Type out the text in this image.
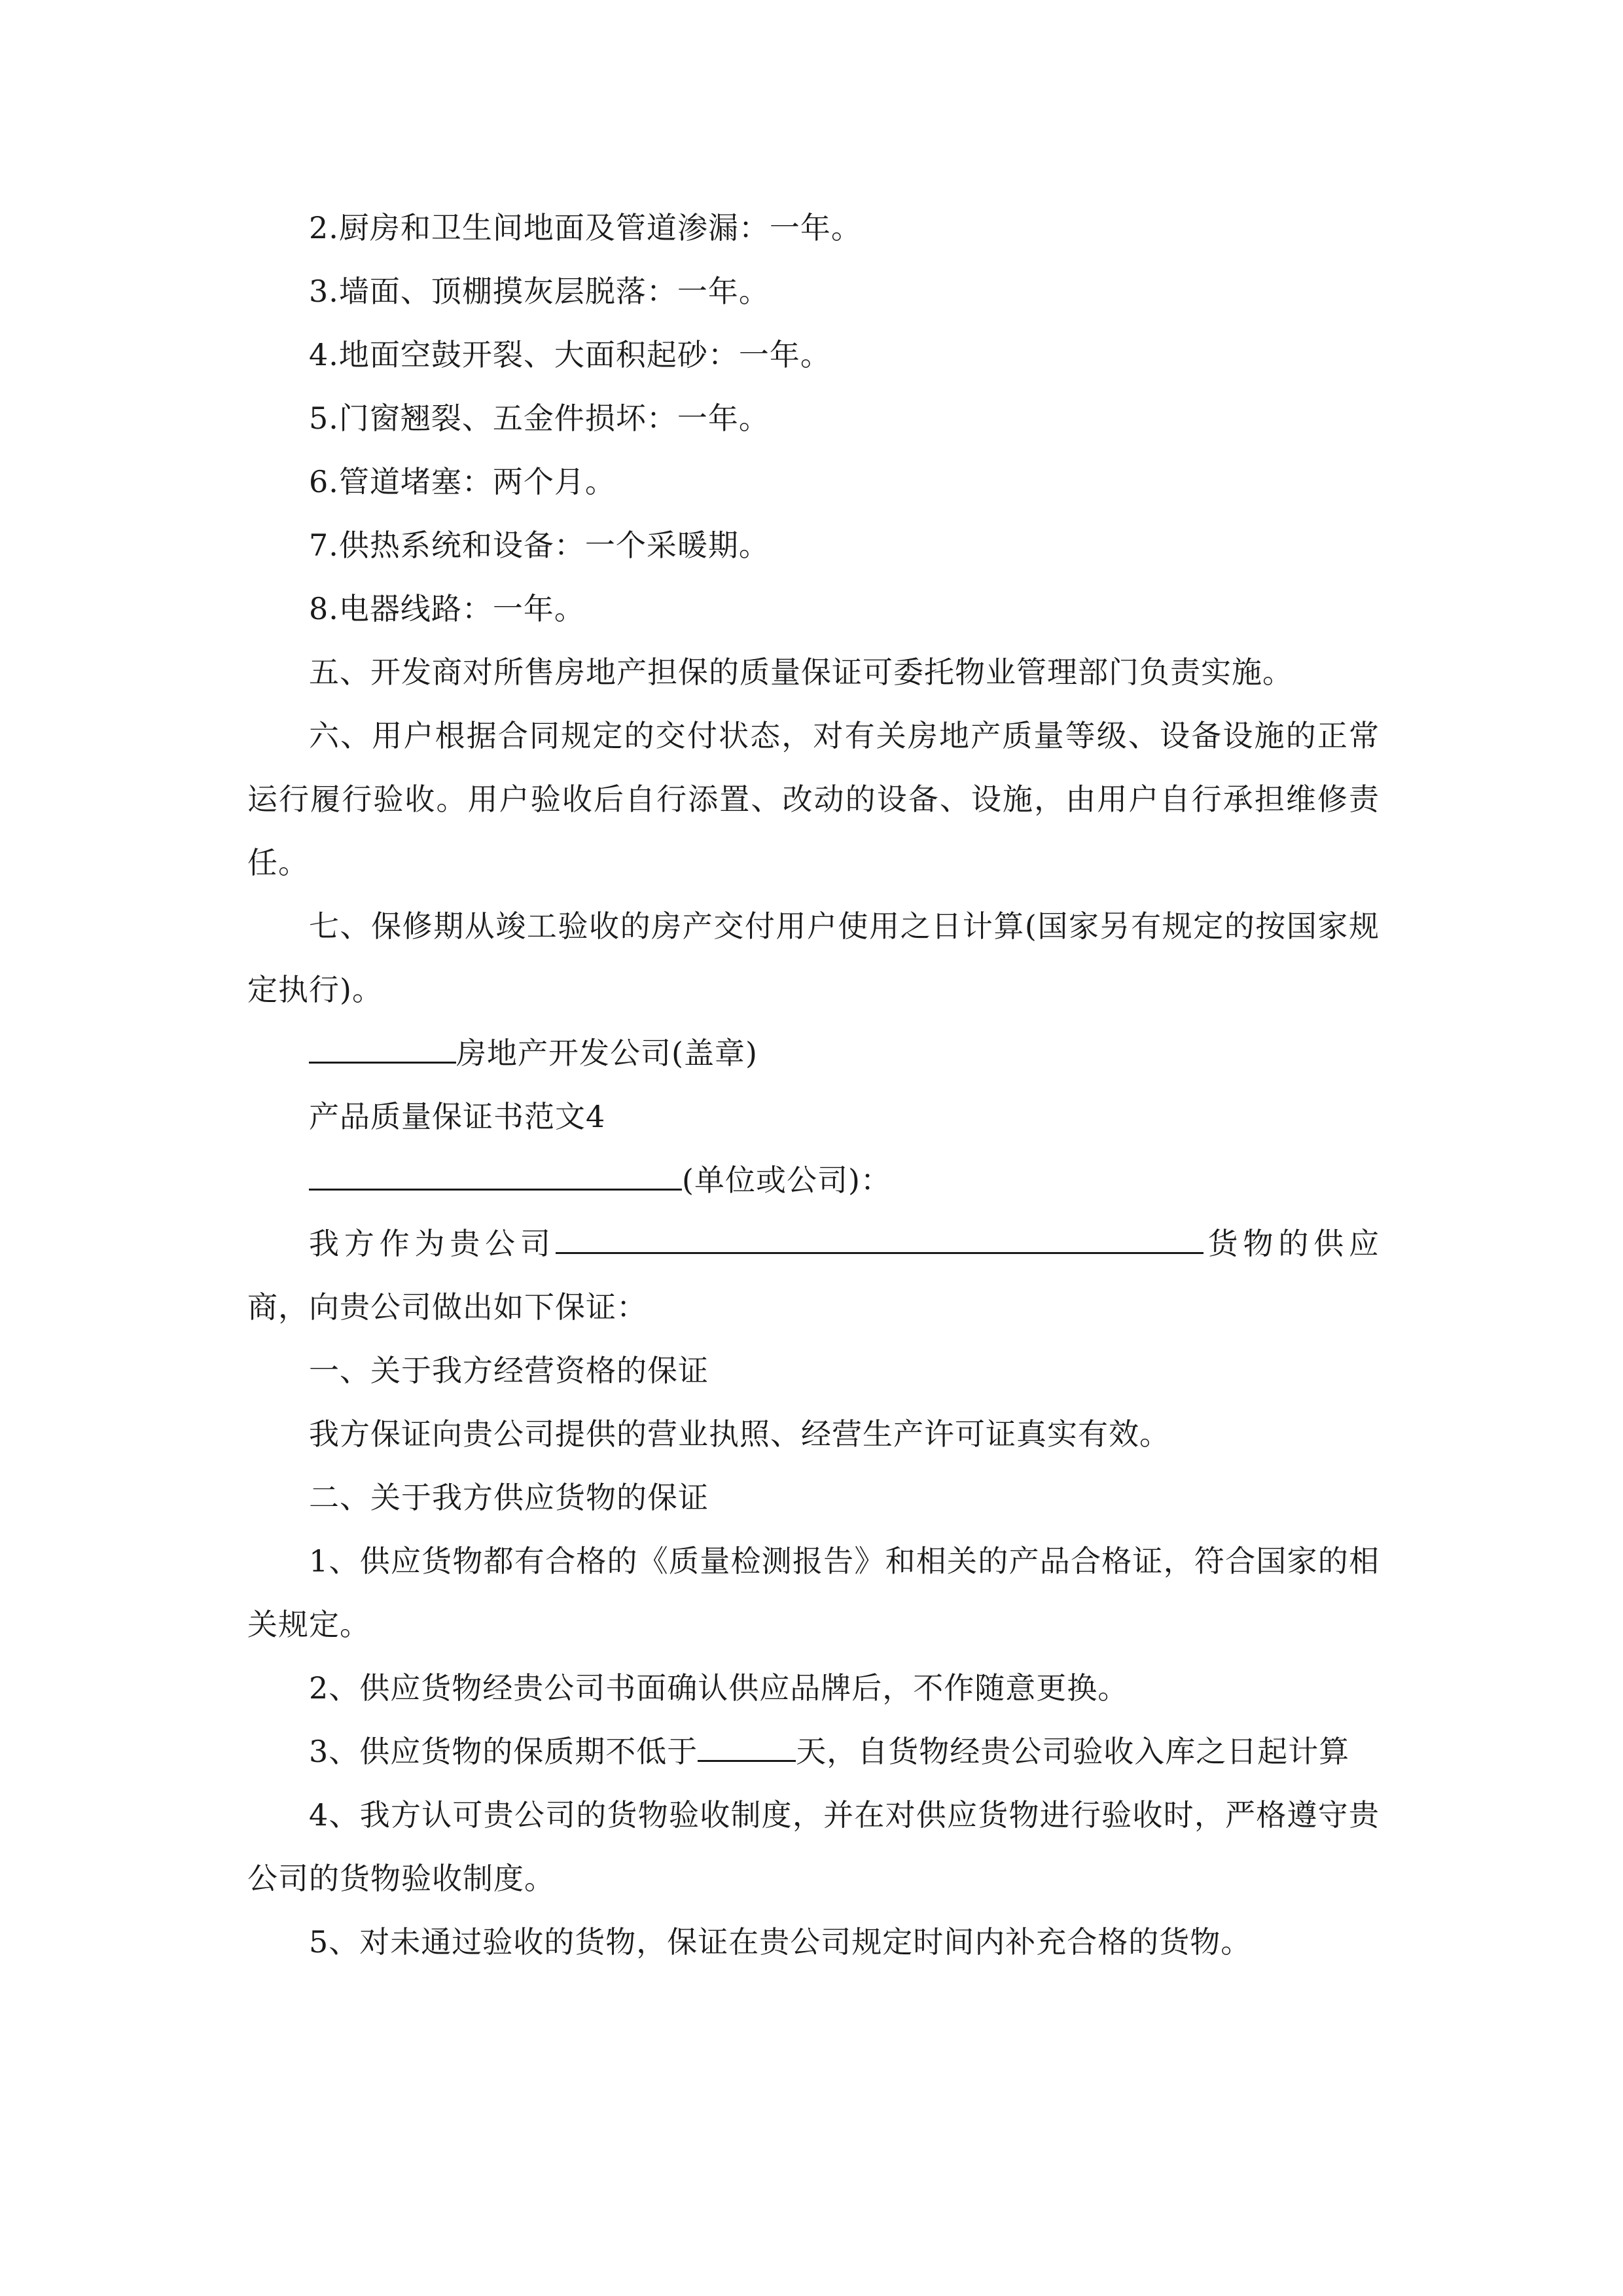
2.厨房和卫生间地面及管道渗漏：一年。

3.墙面、顶棚摸灰层脱落：一年。

4.地面空鼓开裂、大面积起砂：一年。

5.门窗翘裂、五金件损坏：一年。

6.管道堵塞：两个月。

7.供热系统和设备：一个采暖期。

8.电器线路：一年。

五、开发商对所售房地产担保的质量保证可委托物业管理部门负责实施。

六、用户根据合同规定的交付状态，对有关房地产质量等级、设备设施的正常运行履行验收。用户验收后自行添置、改动的设备、设施，由用户自行承担维修责任。

七、保修期从竣工验收的房产交付用户使用之日计算(国家另有规定的按国家规定执行)。

房地产开发公司(盖章)

产品质量保证书范文4

(单位或公司)：

我方作为贵公司	货物的供应商，向贵公司做出如下保证：

一、关于我方经营资格的保证

我方保证向贵公司提供的营业执照、经营生产许可证真实有效。

二、关于我方供应货物的保证

1、供应货物都有合格的《质量检测报告》和相关的产品合格证，符合国家的相关规定。

2、供应货物经贵公司书面确认供应品牌后，不作随意更换。

3、供应货物的保质期不低于	天，自货物经贵公司验收入库之日起计算

4、我方认可贵公司的货物验收制度，并在对供应货物进行验收时，严格遵守贵公司的货物验收制度。

5、对未通过验收的货物，保证在贵公司规定时间内补充合格的货物。
